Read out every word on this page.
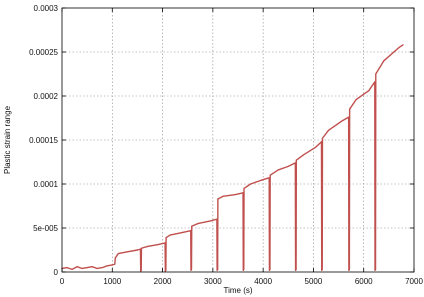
0	1000	2000	3000	4000	5000	6000	7000
0
5e-005
0.0001
0.00015
0.0002
0.00025
0.0003
Time (s)
Plastic strain range
